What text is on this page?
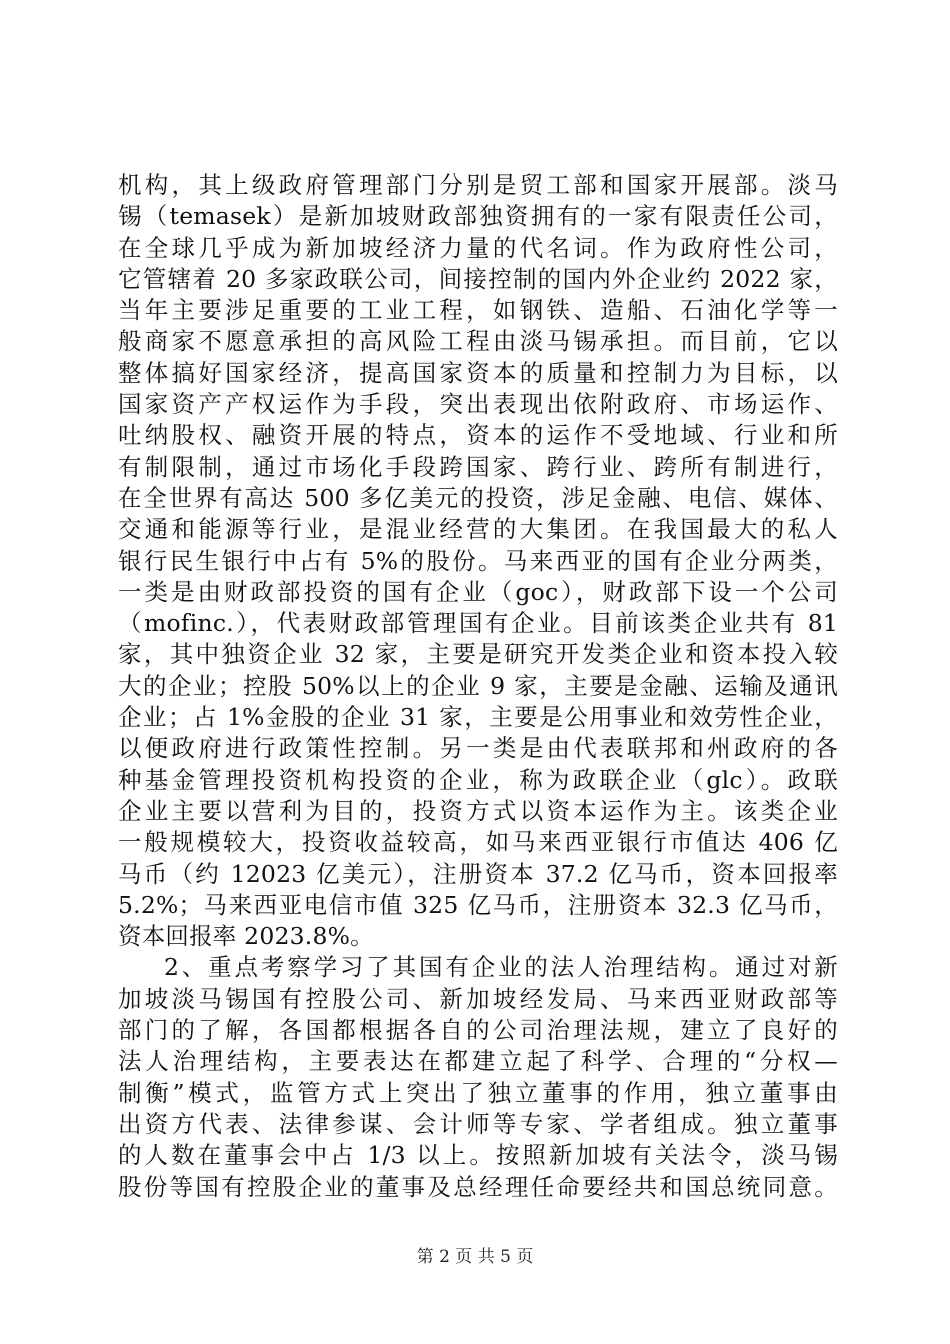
机构，其上级政府管理部门分别是贸工部和国家开展部。淡马
锡（temasek）是新加坡财政部独资拥有的一家有限责任公司，
在全球几乎成为新加坡经济力量的代名词。作为政府性公司，
它管辖着 20 多家政联公司，间接控制的国内外企业约 2022 家，
当年主要涉足重要的工业工程，如钢铁、造船、石油化学等一
般商家不愿意承担的高风险工程由淡马锡承担。而目前，它以
整体搞好国家经济，提高国家资本的质量和控制力为目标，以
国家资产产权运作为手段，突出表现出依附政府、市场运作、
吐纳股权、融资开展的特点，资本的运作不受地域、行业和所
有制限制，通过市场化手段跨国家、跨行业、跨所有制进行，
在全世界有高达 500 多亿美元的投资，涉足金融、电信、媒体、
交通和能源等行业，是混业经营的大集团。在我国最大的私人
银行民生银行中占有 5%的股份。马来西亚的国有企业分两类，
一类是由财政部投资的国有企业（goc），财政部下设一个公司
（mofinc.），代表财政部管理国有企业。目前该类企业共有 81
家，其中独资企业 32 家，主要是研究开发类企业和资本投入较
大的企业；控股 50%以上的企业 9 家，主要是金融、运输及通讯
企业；占 1%金股的企业 31 家，主要是公用事业和效劳性企业，
以便政府进行政策性控制。另一类是由代表联邦和州政府的各
种基金管理投资机构投资的企业，称为政联企业（glc）。政联
企业主要以营利为目的，投资方式以资本运作为主。该类企业
一般规模较大，投资收益较高，如马来西亚银行市值达 406 亿
马币（约 12023 亿美元），注册资本 37.2 亿马币，资本回报率
5.2%；马来西亚电信市值 325 亿马币，注册资本 32.3 亿马币，
资本回报率 2023.8%。
2、重点考察学习了其国有企业的法人治理结构。通过对新
加坡淡马锡国有控股公司、新加坡经发局、马来西亚财政部等
部门的了解，各国都根据各自的公司治理法规，建立了良好的
法人治理结构，主要表达在都建立起了科学、合理的“分权—
制衡”模式，监管方式上突出了独立董事的作用，独立董事由
出资方代表、法律参谋、会计师等专家、学者组成。独立董事
的人数在董事会中占 1/3 以上。按照新加坡有关法令，淡马锡
股份等国有控股企业的董事及总经理任命要经共和国总统同意。
第 2 页 共 5 页
